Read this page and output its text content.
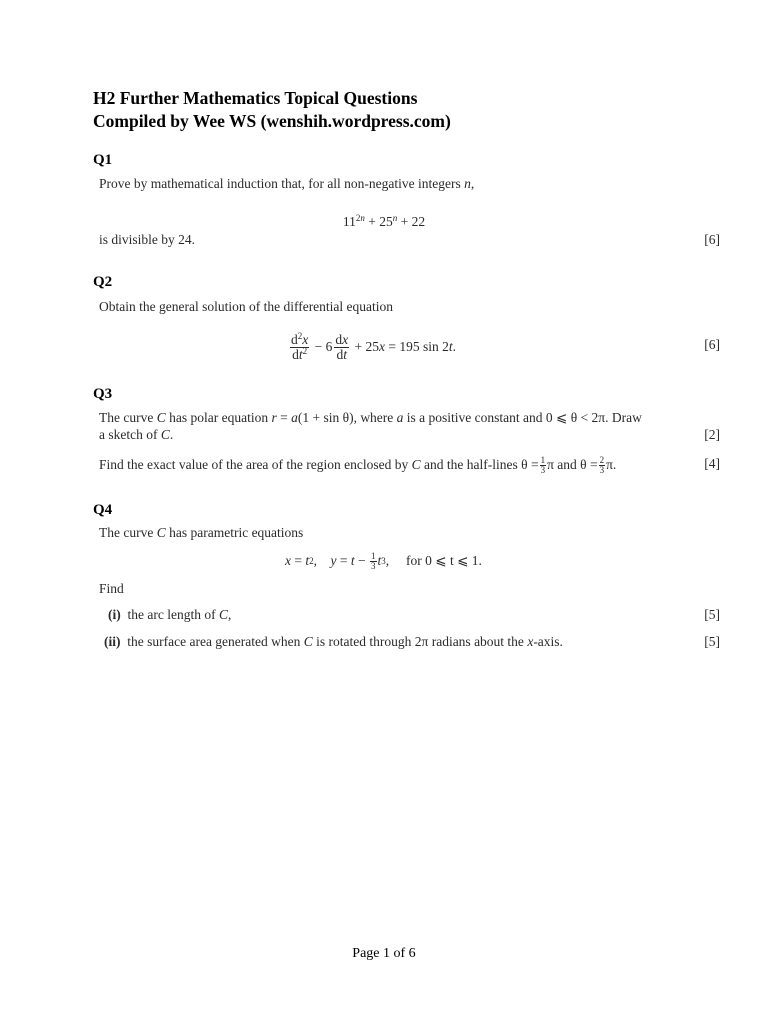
H2 Further Mathematics Topical Questions
Compiled by Wee WS (wenshih.wordpress.com)
Q1
Prove by mathematical induction that, for all non-negative integers n,
$11^{2n} + 25^n + 22$
is divisible by 24.	[6]
Q2
Obtain the general solution of the differential equation
$\frac{d^2x}{dt^2} - 6 \frac{dx}{dt} + 25x = 195$ sin 2t.	[6]
Q3
The curve C has polar equation r = a(1 + sin θ), where a is a positive constant and 0 ⩽ θ < 2π. Draw
a sketch of C.	[2]
Find the exact value of the area of the region enclosed by
C
and the half-lines $\theta = \frac{1}{3}$ π and $\theta = \frac{2}{3} \pi$.	[4]
Q4
The curve C has parametric equations
x = t 2 , y = t − 1
3 t 3 , for 0 ⩽ t ⩽ 1.
Find
(i) the arc length of C,	[5]
(ii) the surface area generated when C is rotated through 2π radians about the x-axis.	[5]
Page 1 of 6
